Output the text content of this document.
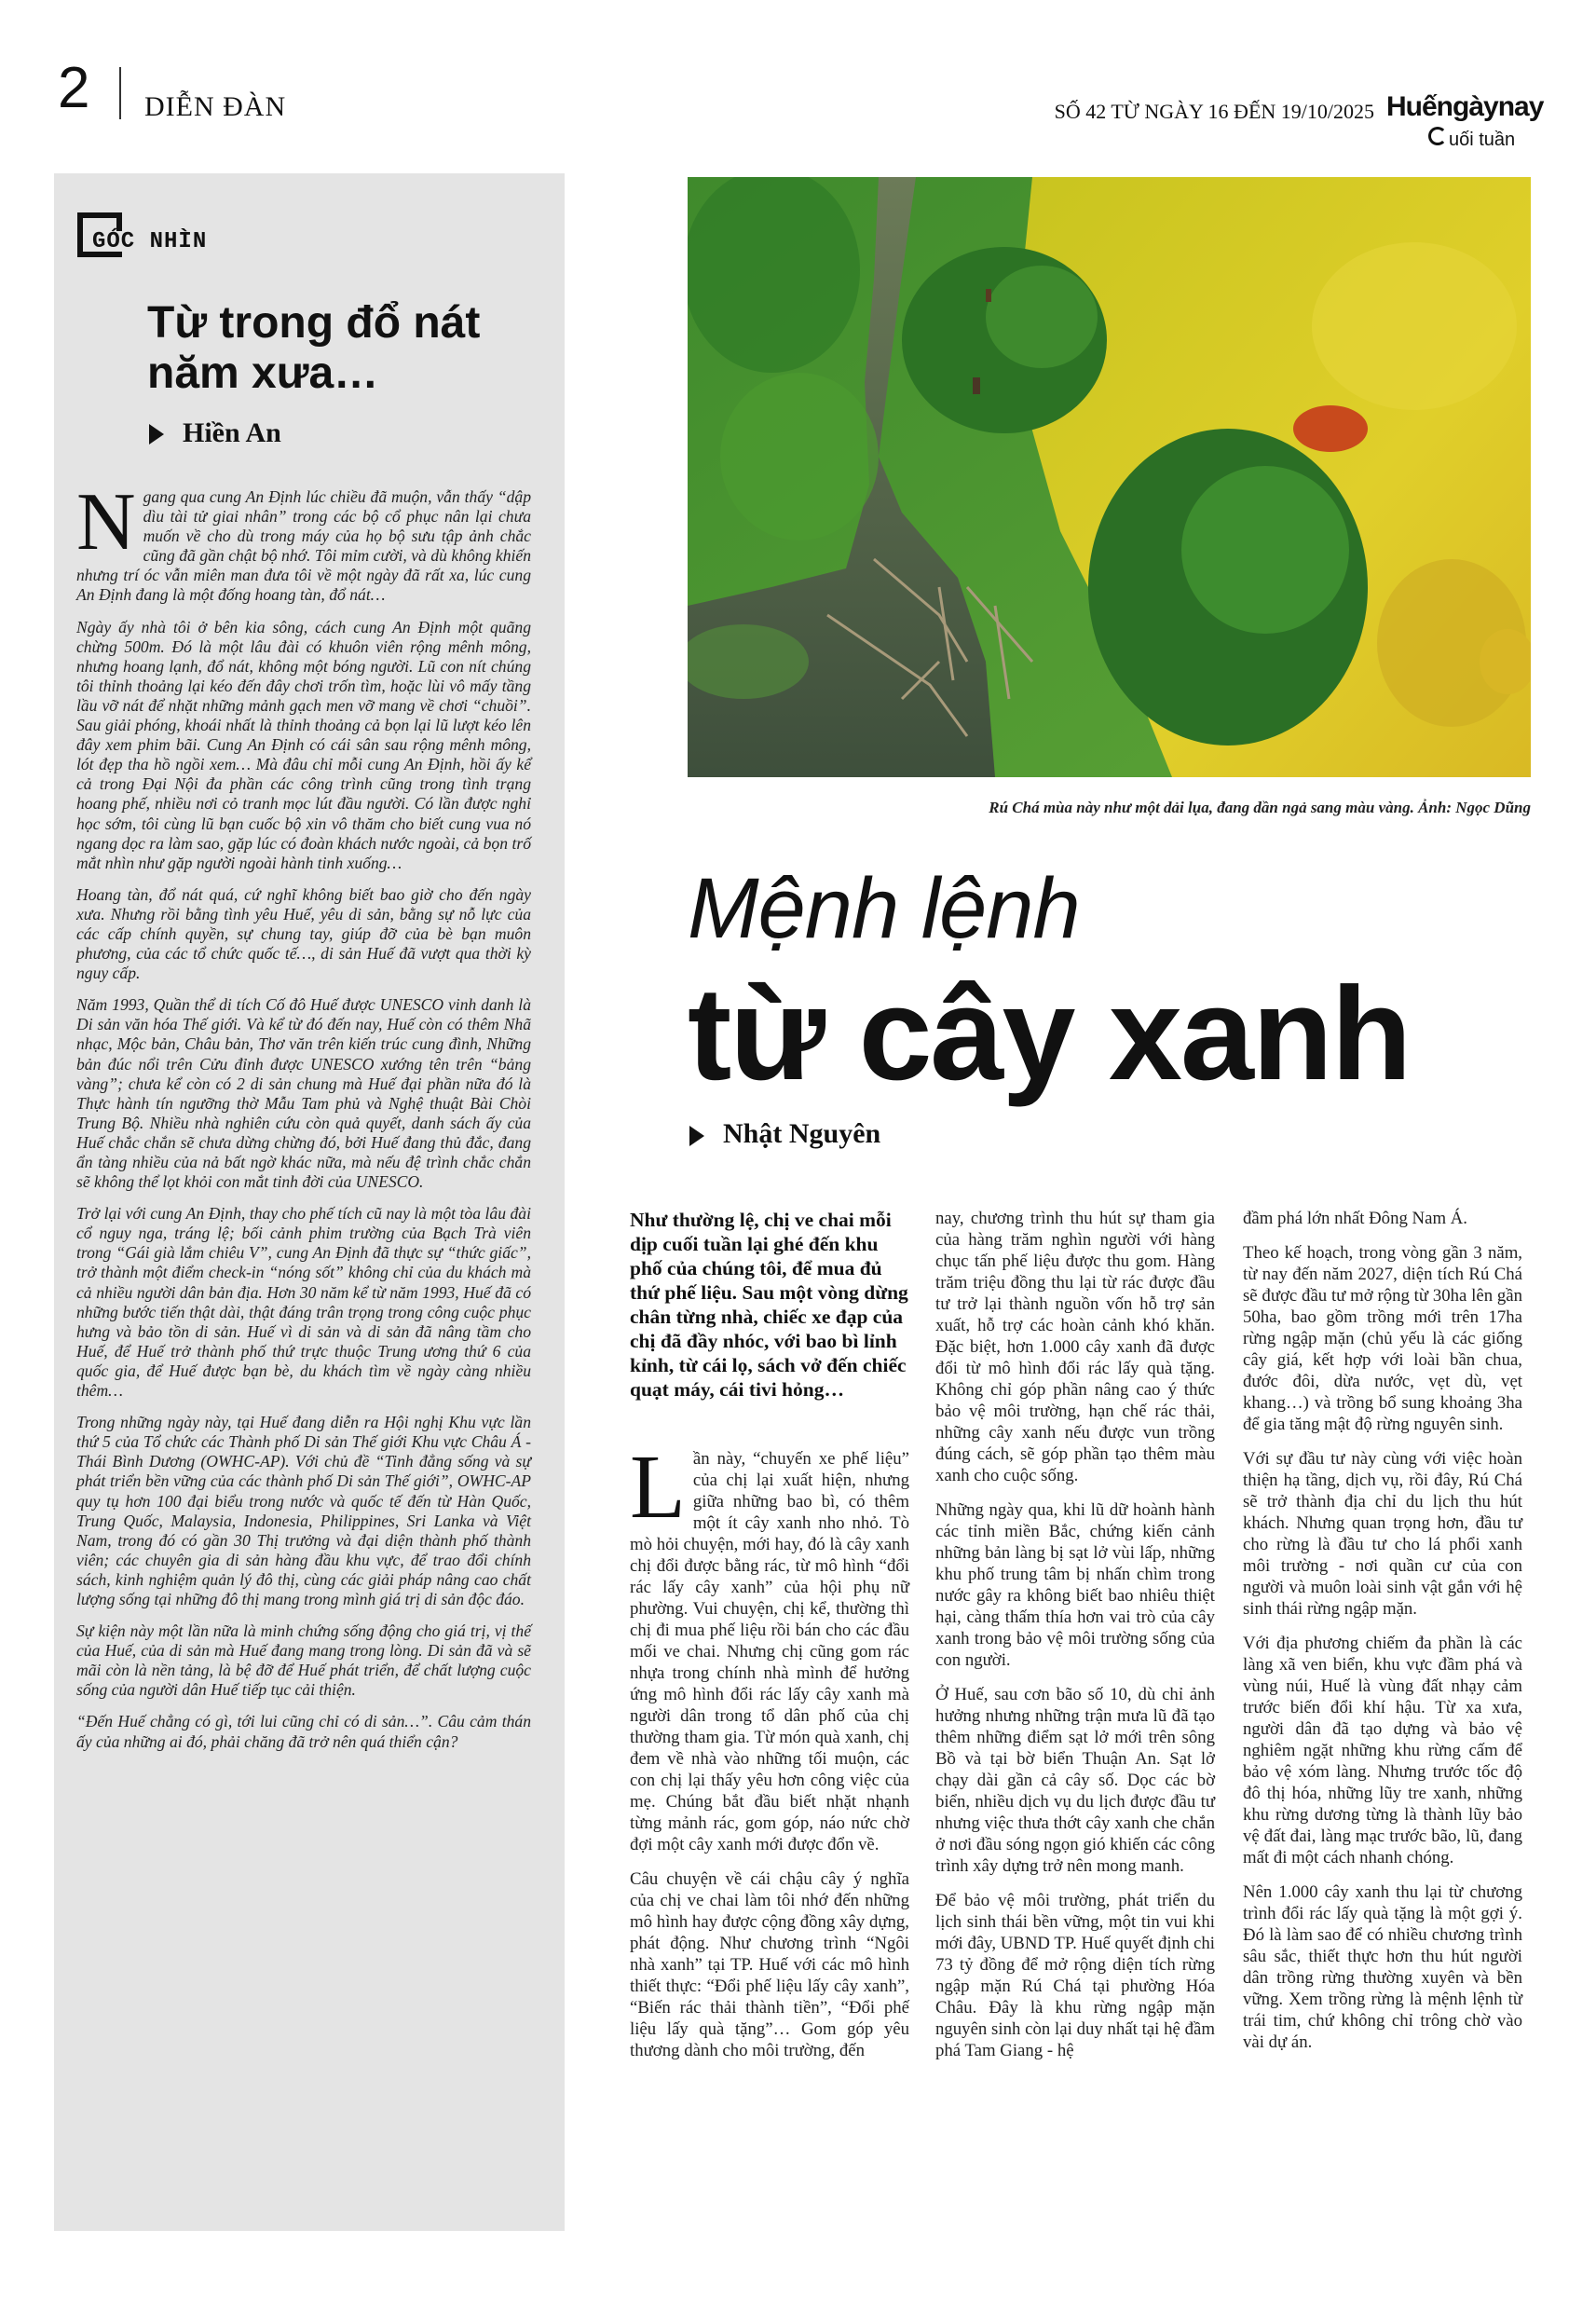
2 DIỄN ĐÀN	SỐ 42 TỪ NGÀY 16 ĐẾN 19/10/2025 Huếngàynay
uối tuần
GÓC NHÌN
Từ trong đổ nát năm xưa…
Hiền An

Ngang qua cung An Định lúc chiều đã muộn, vẫn thấy “dập dìu tài tử giai nhân” trong các bộ cổ phục nân lại chưa muốn về cho dù trong máy của họ bộ sưu tập ảnh chắc cũng đã gần chật bộ nhớ. Tôi mỉm cười, và dù không khiến nhưng trí óc vẫn miên man đưa tôi về một ngày đã rất xa, lúc cung An Định đang là một đống hoang tàn, đổ nát…

Ngày ấy nhà tôi ở bên kia sông, cách cung An Định một quãng chừng 500m. Đó là một lâu đài có khuôn viên rộng mênh mông, nhưng hoang lạnh, đổ nát, không một bóng người. Lũ con nít chúng tôi thỉnh thoảng lại kéo đến đây chơi trốn tìm, hoặc lùi vô mấy tầng lầu vỡ nát để nhặt những mảnh gạch men vỡ mang về chơi “chuồi”. Sau giải phóng, khoái nhất là thỉnh thoảng cả bọn lại lũ lượt kéo lên đây xem phim bãi. Cung An Định có cái sân sau rộng mênh mông, lót đẹp tha hồ ngồi xem… Mà đâu chỉ mỗi cung An Định, hồi ấy kể cả trong Đại Nội đa phần các công trình cũng trong tình trạng hoang phế, nhiều nơi cỏ tranh mọc lút đầu người. Có lần được nghỉ học sớm, tôi cùng lũ bạn cuốc bộ xin vô thăm cho biết cung vua nó ngang dọc ra làm sao, gặp lúc có đoàn khách nước ngoài, cả bọn trố mắt nhìn như gặp người ngoài hành tinh xuống…

Hoang tàn, đổ nát quá, cứ nghĩ không biết bao giờ cho đến ngày xưa. Nhưng rồi bằng tình yêu Huế, yêu di sản, bằng sự nỗ lực của các cấp chính quyền, sự chung tay, giúp đỡ của bè bạn muôn phương, của các tổ chức quốc tế…, di sản Huế đã vượt qua thời kỳ nguy cấp.

Năm 1993, Quần thể di tích Cố đô Huế được UNESCO vinh danh là Di sản văn hóa Thế giới. Và kể từ đó đến nay, Huế còn có thêm Nhã nhạc, Mộc bản, Châu bản, Thơ văn trên kiến trúc cung đình, Những bản đúc nổi trên Cửu đỉnh được UNESCO xướng tên trên “bảng vàng”; chưa kể còn có 2 di sản chung mà Huế đại phần nữa đó là Thực hành tín ngưỡng thờ Mẫu Tam phủ và Nghệ thuật Bài Chòi Trung Bộ. Nhiều nhà nghiên cứu còn quả quyết, danh sách ấy của Huế chắc chắn sẽ chưa dừng chừng đó, bởi Huế đang thủ đắc, đang ẩn tàng nhiều của nả bất ngờ khác nữa, mà nếu đệ trình chắc chắn sẽ không thể lọt khỏi con mắt tinh đời của UNESCO.

Trở lại với cung An Định, thay cho phế tích cũ nay là một tòa lâu đài cổ nguy nga, tráng lệ; bối cảnh phim trường của Bạch Trà viên trong “Gái già lắm chiêu V”, cung An Định đã thực sự “thức giấc”, trở thành một điểm check-in “nóng sốt” không chỉ của du khách mà cả nhiều người dân bản địa. Hơn 30 năm kể từ năm 1993, Huế đã có những bước tiến thật dài, thật đáng trân trọng trong công cuộc phục hưng và bảo tồn di sản. Huế vì di sản và di sản đã nâng tầm cho Huế, để Huế trở thành phố thứ trực thuộc Trung ương thứ 6 của quốc gia, để Huế được bạn bè, du khách tìm về ngày càng nhiều thêm…

Trong những ngày này, tại Huế đang diễn ra Hội nghị Khu vực lần thứ 5 của Tổ chức các Thành phố Di sản Thế giới Khu vực Châu Á - Thái Bình Dương (OWHC-AP). Với chủ đề “Tinh đẳng sống và sự phát triển bền vững của các thành phố Di sản Thế giới”, OWHC-AP quy tụ hơn 100 đại biểu trong nước và quốc tế đến từ Hàn Quốc, Trung Quốc, Malaysia, Indonesia, Philippines, Sri Lanka và Việt Nam, trong đó có gần 30 Thị trưởng và đại diện thành phố thành viên; các chuyên gia di sản hàng đầu khu vực, để trao đổi chính sách, kinh nghiệm quản lý đô thị, cùng các giải pháp nâng cao chất lượng sống tại những đô thị mang trong mình giá trị di sản độc đáo.

Sự kiện này một lần nữa là minh chứng sống động cho giá trị, vị thế của Huế, của di sản mà Huế đang mang trong lòng. Di sản đã và sẽ mãi còn là nền tảng, là bệ đỡ để Huế phát triển, để chất lượng cuộc sống của người dân Huế tiếp tục cải thiện.

“Đến Huế chẳng có gì, tới lui cũng chỉ có di sản…”. Câu cảm thán ấy của những ai đó, phải chăng đã trở nên quá thiển cận?

Rú Chá mùa này như một dải lụa, đang dần ngả sang màu vàng. Ảnh: Ngọc Dũng
Mệnh lệnh
từ cây xanh
Nhật Nguyên

Như thường lệ, chị ve chai mỗi dịp cuối tuần lại ghé đến khu phố của chúng tôi, để mua đủ thứ phế liệu. Sau một vòng dừng chân từng nhà, chiếc xe đạp của chị đã đầy nhóc, với bao bì lỉnh kỉnh, từ cái lọ, sách vở đến chiếc quạt máy, cái tivi hỏng…

Lần này, “chuyến xe phế liệu” của chị lại xuất hiện, nhưng giữa những bao bì, có thêm một ít cây xanh nho nhỏ. Tò mò hỏi chuyện, mới hay, đó là cây xanh chị đổi được bằng rác, từ mô hình “đổi rác lấy cây xanh” của hội phụ nữ phường. Vui chuyện, chị kể, thường thì chị đi mua phế liệu rồi bán cho các đầu mối ve chai. Nhưng chị cũng gom rác nhựa trong chính nhà mình để hưởng ứng mô hình đổi rác lấy cây xanh mà người dân trong tổ dân phố của chị thường tham gia. Từ món quà xanh, chị đem về nhà vào những tối muộn, các con chị lại thấy yêu hơn công việc của mẹ. Chúng bắt đầu biết nhặt nhạnh từng mảnh rác, gom góp, náo nức chờ đợi một cây xanh mới được đổn về.

Câu chuyện về cái chậu cây ý nghĩa của chị ve chai làm tôi nhớ đến những mô hình hay được cộng đồng xây dựng, phát động. Như chương trình “Ngôi nhà xanh” tại TP. Huế với các mô hình thiết thực: “Đổi phế liệu lấy cây xanh”, “Biến rác thải thành tiền”, “Đổi phế liệu lấy quà tặng”… Gom góp yêu thương dành cho môi trường, đến

nay, chương trình thu hút sự tham gia của hàng trăm nghìn người với hàng chục tấn phế liệu được thu gom. Hàng trăm triệu đồng thu lại từ rác được đầu tư trở lại thành nguồn vốn hỗ trợ sản xuất, hỗ trợ các hoàn cảnh khó khăn. Đặc biệt, hơn 1.000 cây xanh đã được đổi từ mô hình đổi rác lấy quà tặng. Không chỉ góp phần nâng cao ý thức bảo vệ môi trường, hạn chế rác thải, những cây xanh nếu được vun trồng đúng cách, sẽ góp phần tạo thêm màu xanh cho cuộc sống.

Những ngày qua, khi lũ dữ hoành hành các tỉnh miền Bắc, chứng kiến cảnh những bản làng bị sạt lở vùi lấp, những khu phố trung tâm bị nhấn chìm trong nước gây ra không biết bao nhiêu thiệt hại, càng thấm thía hơn vai trò của cây xanh trong bảo vệ môi trường sống của con người.

Ở Huế, sau cơn bão số 10, dù chỉ ảnh hưởng nhưng những trận mưa lũ đã tạo thêm những điểm sạt lở mới trên sông Bồ và tại bờ biển Thuận An. Sạt lở chạy dài gần cả cây số. Dọc các bờ biển, nhiều dịch vụ du lịch được đầu tư nhưng việc thưa thớt cây xanh che chắn ở nơi đầu sóng ngọn gió khiến các công trình xây dựng trở nên mong manh.

Để bảo vệ môi trường, phát triển du lịch sinh thái bền vững, một tin vui khi mới đây, UBND TP. Huế quyết định chi 73 tỷ đồng để mở rộng diện tích rừng ngập mặn Rú Chá tại phường Hóa Châu. Đây là khu rừng ngập mặn nguyên sinh còn lại duy nhất tại hệ đầm phá Tam Giang - hệ

đầm phá lớn nhất Đông Nam Á.

Theo kế hoạch, trong vòng gần 3 năm, từ nay đến năm 2027, diện tích Rú Chá sẽ được đầu tư mở rộng từ 30ha lên gần 50ha, bao gồm trồng mới trên 17ha rừng ngập mặn (chủ yếu là các giống cây giá, kết hợp với loài bần chua, đước đôi, dừa nước, vẹt dù, vẹt khang…) và trồng bổ sung khoảng 3ha để gia tăng mật độ rừng nguyên sinh.

Với sự đầu tư này cùng với việc hoàn thiện hạ tầng, dịch vụ, rồi đây, Rú Chá sẽ trở thành địa chỉ du lịch thu hút khách. Nhưng quan trọng hơn, đầu tư cho rừng là đầu tư cho lá phổi xanh môi trường - nơi quần cư của con người và muôn loài sinh vật gắn với hệ sinh thái rừng ngập mặn.

Với địa phương chiếm đa phần là các làng xã ven biển, khu vực đầm phá và vùng núi, Huế là vùng đất nhạy cảm trước biến đổi khí hậu. Từ xa xưa, người dân đã tạo dựng và bảo vệ nghiêm ngặt những khu rừng cấm để bảo vệ xóm làng. Nhưng trước tốc độ đô thị hóa, những lũy tre xanh, những khu rừng dương từng là thành lũy bảo vệ đất đai, làng mạc trước bão, lũ, đang mất đi một cách nhanh chóng.

Nên 1.000 cây xanh thu lại từ chương trình đổi rác lấy quà tặng là một gợi ý. Đó là làm sao để có nhiều chương trình sâu sắc, thiết thực hơn thu hút người dân trồng rừng thường xuyên và bền vững. Xem trồng rừng là mệnh lệnh từ trái tim, chứ không chỉ trông chờ vào vài dự án.
